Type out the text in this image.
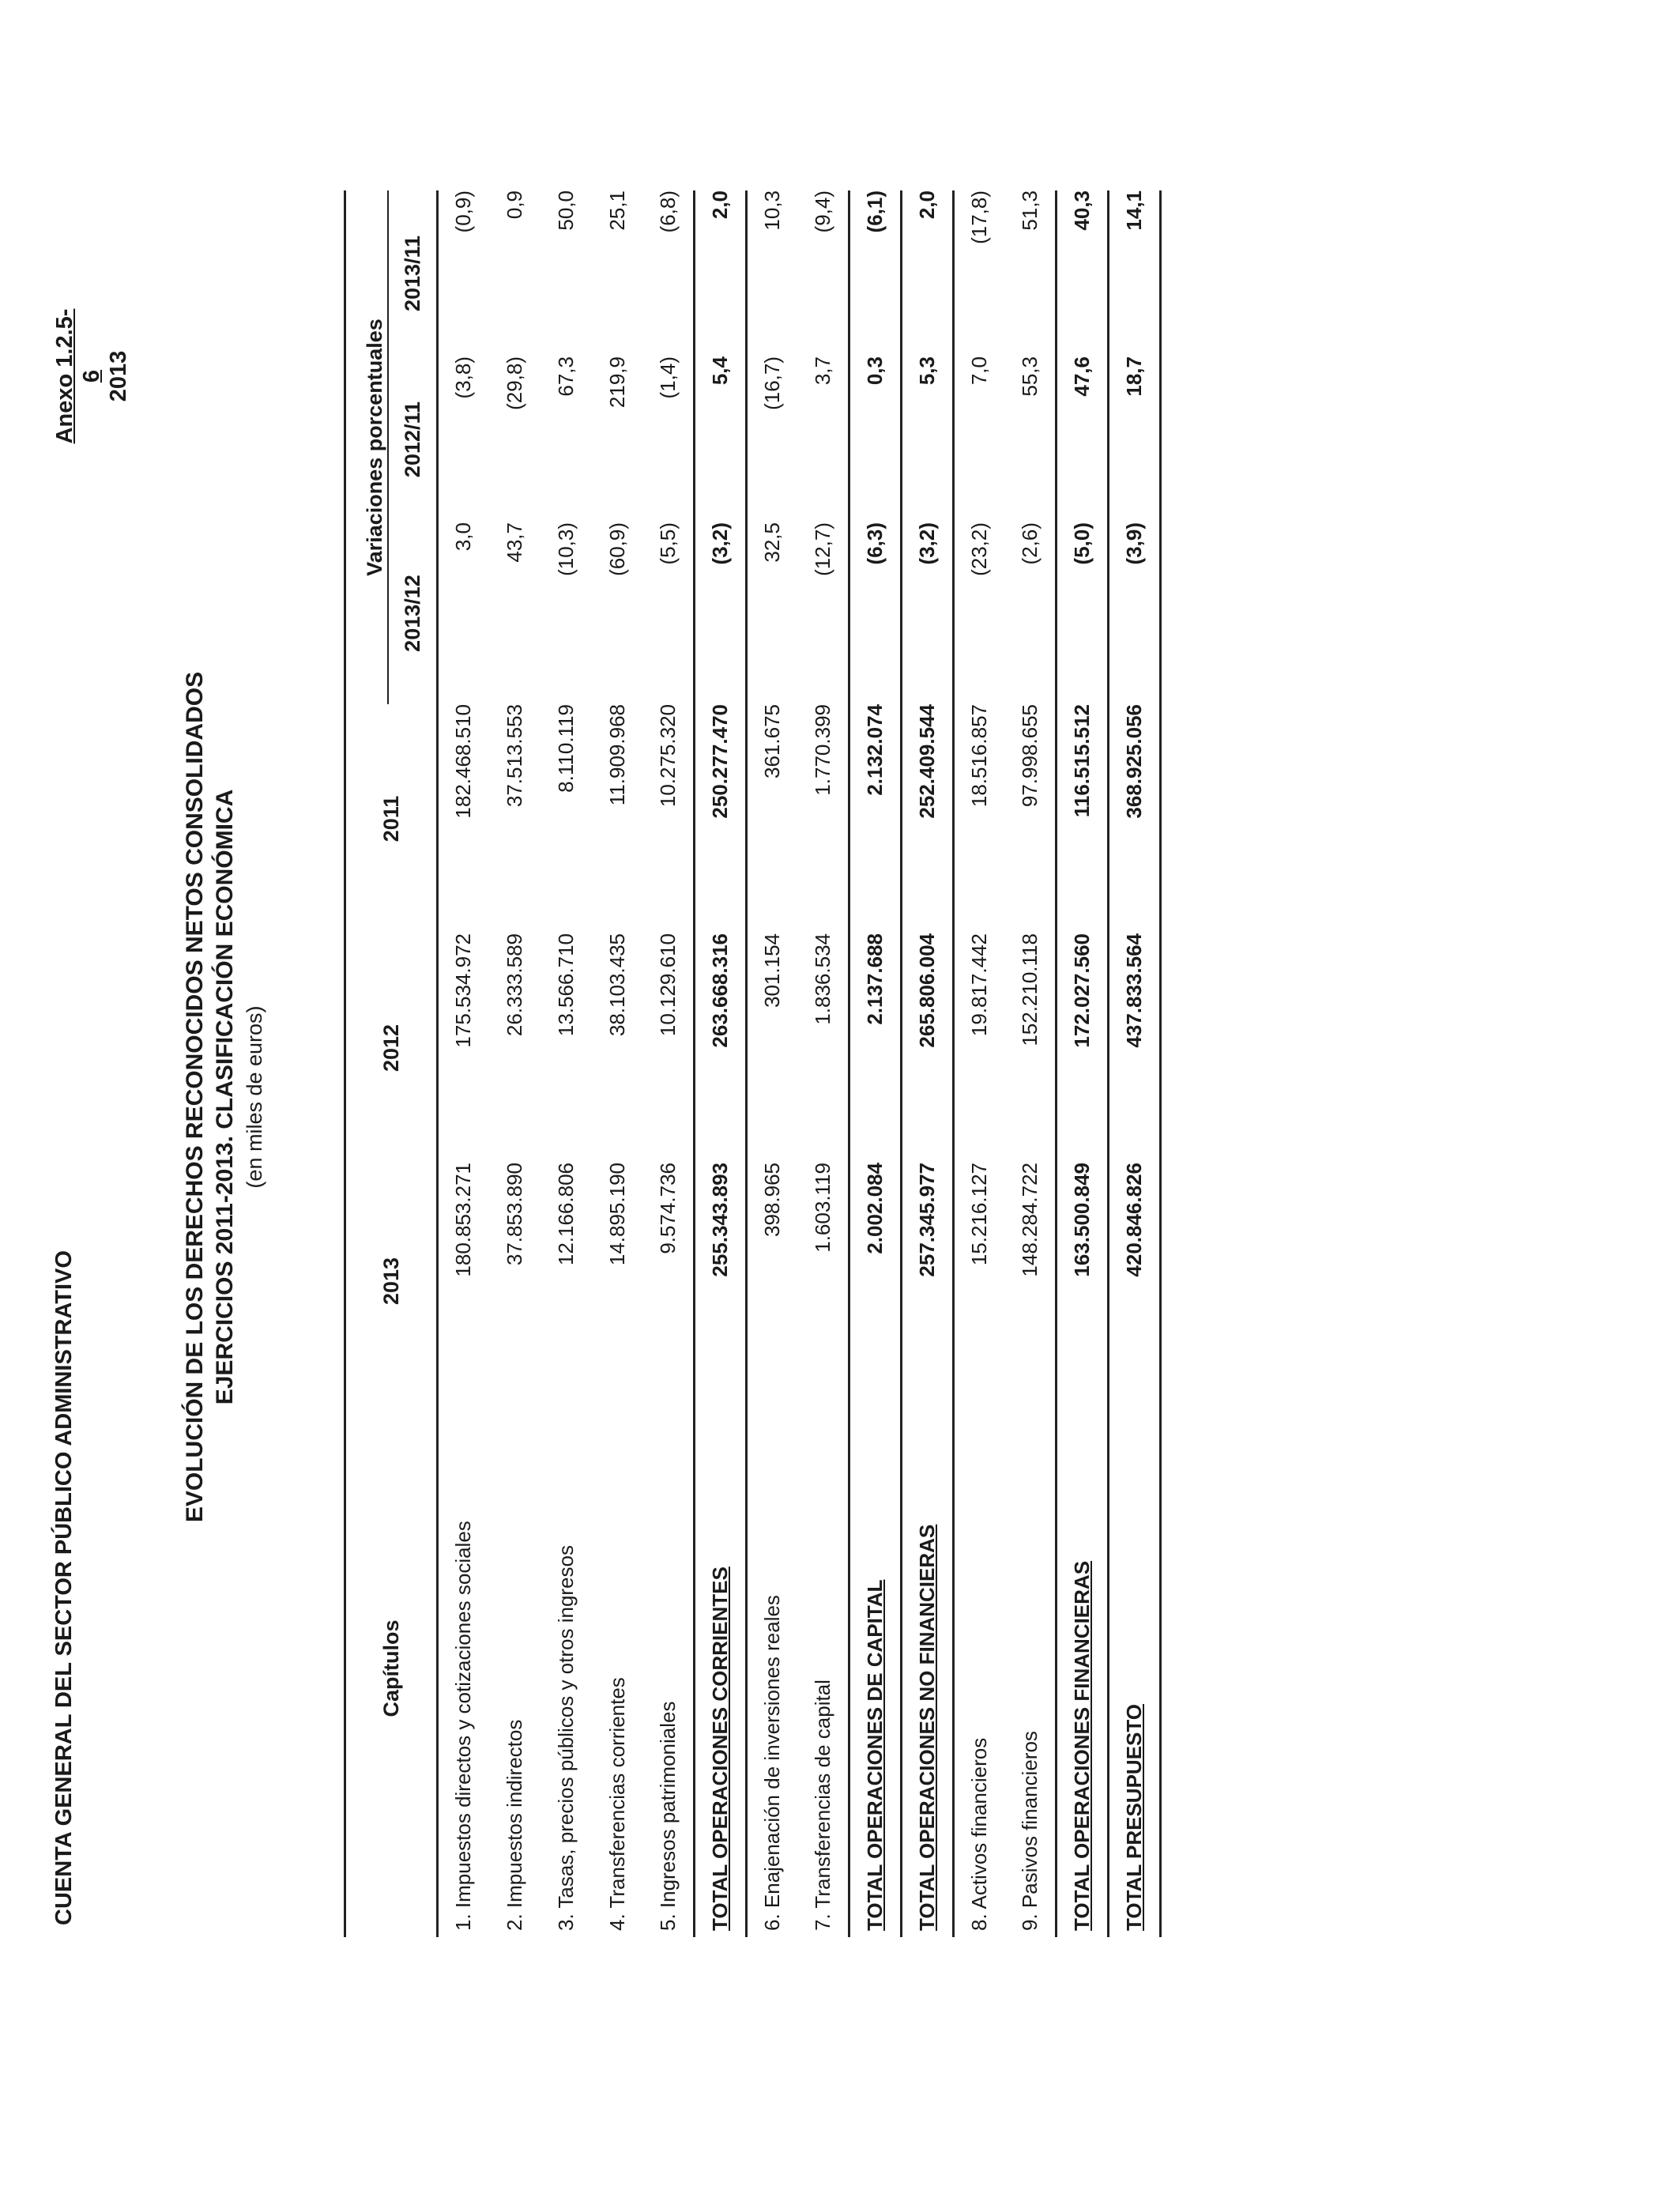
CUENTA GENERAL DEL SECTOR PÚBLICO ADMINISTRATIVO
Anexo 1.2.5-6 2013
EVOLUCIÓN DE LOS DERECHOS RECONOCIDOS NETOS CONSOLIDADOS EJERCICIOS 2011-2013. CLASIFICACIÓN ECONÓMICA (en miles de euros)
Capítulos	2013	2012	2011	Variaciones porcentuales		
				2013/12	2012/11	2013/11
1. Impuestos directos y cotizaciones sociales	180.853.271	175.534.972	182.468.510	3,0	(3,8)	(0,9)
2. Impuestos indirectos	37.853.890	26.333.589	37.513.553	43,7	(29,8)	0,9
3. Tasas, precios públicos y otros ingresos	12.166.806	13.566.710	8.110.119	(10,3)	67,3	50,0
4. Transferencias corrientes	14.895.190	38.103.435	11.909.968	(60,9)	219,9	25,1
5. Ingresos patrimoniales	9.574.736	10.129.610	10.275.320	(5,5)	(1,4)	(6,8)
TOTAL OPERACIONES CORRIENTES	255.343.893	263.668.316	250.277.470	(3,2)	5,4	2,0
6. Enajenación de inversiones reales	398.965	301.154	361.675	32,5	(16,7)	10,3
7. Transferencias de capital	1.603.119	1.836.534	1.770.399	(12,7)	3,7	(9,4)
TOTAL OPERACIONES DE CAPITAL	2.002.084	2.137.688	2.132.074	(6,3)	0,3	(6,1)
TOTAL OPERACIONES NO FINANCIERAS	257.345.977	265.806.004	252.409.544	(3,2)	5,3	2,0
8. Activos financieros	15.216.127	19.817.442	18.516.857	(23,2)	7,0	(17,8)
9. Pasivos financieros	148.284.722	152.210.118	97.998.655	(2,6)	55,3	51,3
TOTAL OPERACIONES FINANCIERAS	163.500.849	172.027.560	116.515.512	(5,0)	47,6	40,3
TOTAL PRESUPUESTO	420.846.826	437.833.564	368.925.056	(3,9)	18,7	14,1
